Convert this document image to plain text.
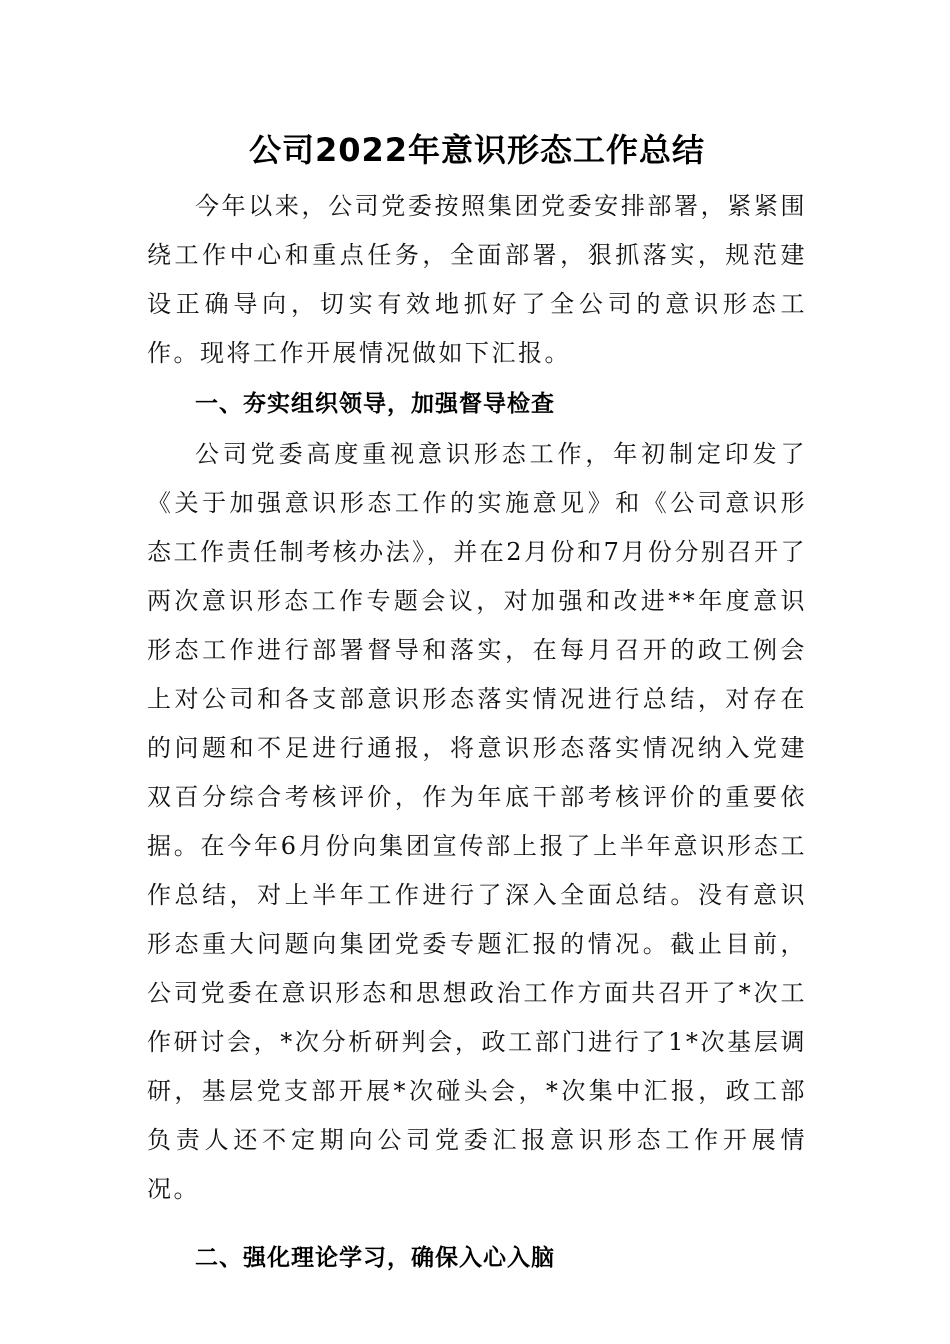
公司2022年意识形态工作总结

今年以来，公司党委按照集团党委安排部署，紧紧围绕工作中心和重点任务，全面部署，狠抓落实，规范建设正确导向，切实有效地抓好了全公司的意识形态工作。现将工作开展情况做如下汇报。

一、夯实组织领导，加强督导检查

公司党委高度重视意识形态工作，年初制定印发了《关于加强意识形态工作的实施意见》和《公司意识形态工作责任制考核办法》，并在2月份和7月份分别召开了两次意识形态工作专题会议，对加强和改进**年度意识形态工作进行部署督导和落实，在每月召开的政工例会上对公司和各支部意识形态落实情况进行总结，对存在的问题和不足进行通报，将意识形态落实情况纳入党建双百分综合考核评价，作为年底干部考核评价的重要依据。在今年6月份向集团宣传部上报了上半年意识形态工作总结，对上半年工作进行了深入全面总结。没有意识形态重大问题向集团党委专题汇报的情况。截止目前，公司党委在意识形态和思想政治工作方面共召开了*次工作研讨会，*次分析研判会，政工部门进行了1*次基层调研，基层党支部开展*次碰头会，*次集中汇报，政工部负责人还不定期向公司党委汇报意识形态工作开展情况。

二、强化理论学习，确保入心入脑
